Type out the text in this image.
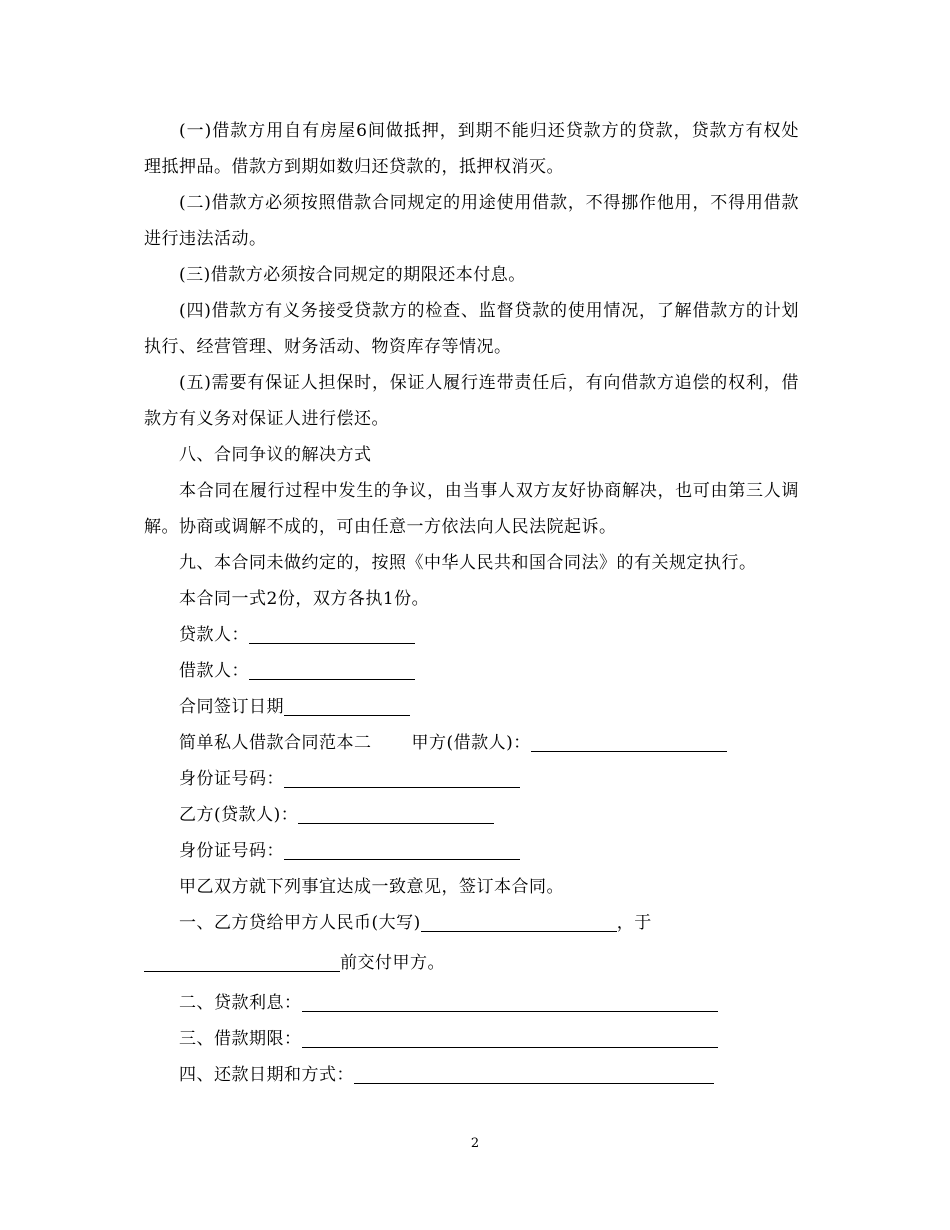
(一)借款方用自有房屋6间做抵押，到期不能归还贷款方的贷款，贷款方有权处理抵押品。借款方到期如数归还贷款的，抵押权消灭。

(二)借款方必须按照借款合同规定的用途使用借款，不得挪作他用，不得用借款进行违法活动。

(三)借款方必须按合同规定的期限还本付息。

(四)借款方有义务接受贷款方的检查、监督贷款的使用情况，了解借款方的计划执行、经营管理、财务活动、物资库存等情况。

(五)需要有保证人担保时，保证人履行连带责任后，有向借款方追偿的权利，借款方有义务对保证人进行偿还。

八、合同争议的解决方式

本合同在履行过程中发生的争议，由当事人双方友好协商解决，也可由第三人调解。协商或调解不成的，可由任意一方依法向人民法院起诉。

九、本合同未做约定的，按照《中华人民共和国合同法》的有关规定执行。

本合同一式2份，双方各执1份。

贷款人：
借款人：
合同签订日期
简单私人借款合同范本二 甲方(借款人)：
身份证号码：
乙方(贷款人)：
身份证号码：

甲乙双方就下列事宜达成一致意见，签订本合同。

一、乙方贷给甲方人民币(大写)	，于
前交付甲方。
二、贷款利息：
三、借款期限：
四、还款日期和方式：
2
